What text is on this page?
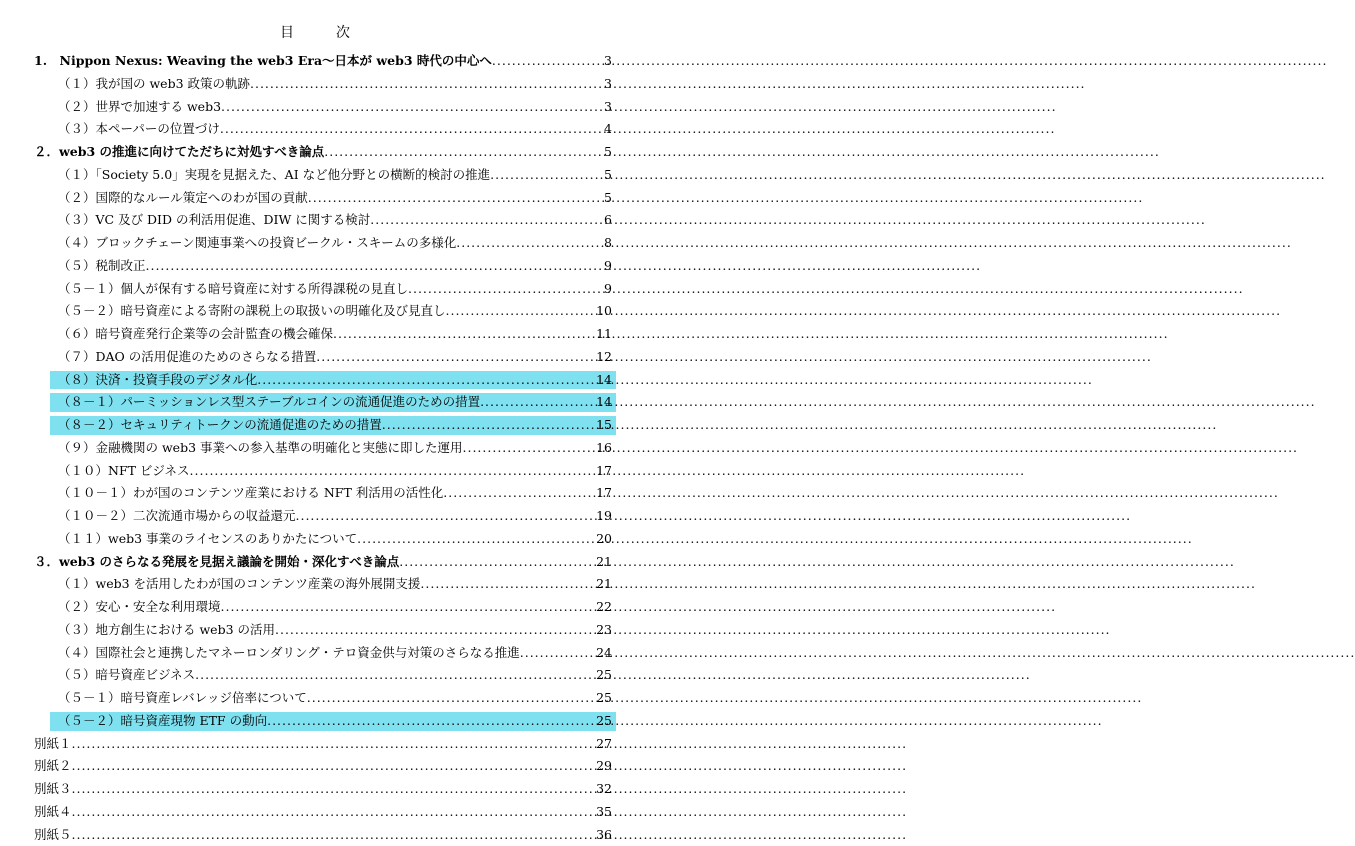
目　次
1.　Nippon Nexus: Weaving the web3 Era～日本が web3 時代の中心へ .....	3
（１）我が国の web3 政策の軌跡 .....	3
（２）世界で加速する web3 .....	3
（３）本ペーパーの位置づけ .....	4
２．web3 の推進に向けてただちに対処すべき論点 .....	5
（１）「Society 5.0」実現を見据えた、AI など他分野との横断的検討の推進 .....	5
（２）国際的なルール策定へのわが国の貢献 .....	5
（３）VC 及び DID の利活用促進、DIW に関する検討 .....	6
（４）ブロックチェーン関連事業への投資ビークル・スキームの多様化 .....	8
（５）税制改正 .....	9
（５－１）個人が保有する暗号資産に対する所得課税の見直し .....	9
（５－２）暗号資産による寄附の課税上の取扱いの明確化及び見直し .....	10
（６）暗号資産発行企業等の会計監査の機会確保 .....	11
（７）DAO の活用促進のためのさらなる措置 .....	12
（８）決済・投資手段のデジタル化 .....	14
（８－１）パーミッションレス型ステーブルコインの流通促進のための措置 .....	14
（８－２）セキュリティトークンの流通促進のための措置 .....	15
（９）金融機関の web3 事業への参入基準の明確化と実態に即した運用 .....	16
（１０）NFT ビジネス .....	17
（１０－１）わが国のコンテンツ産業における NFT 利活用の活性化 .....	17
（１０－２）二次流通市場からの収益還元 .....	19
（１１）web3 事業のライセンスのありかたについて .....	20
３．web3 のさらなる発展を見据え議論を開始・深化すべき論点 .....	21
（１）web3 を活用したわが国のコンテンツ産業の海外展開支援 .....	21
（２）安心・安全な利用環境 .....	22
（３）地方創生における web3 の活用 .....	23
（４）国際社会と連携したマネーロンダリング・テロ資金供与対策のさらなる推進 .....	24
（５）暗号資産ビジネス .....	25
（５－１）暗号資産レバレッジ倍率について .....	25
（５－２）暗号資産現物 ETF の動向 .....	25
別紙１ .....	27
別紙２ .....	29
別紙３ .....	32
別紙４ .....	35
別紙５ .....	36
